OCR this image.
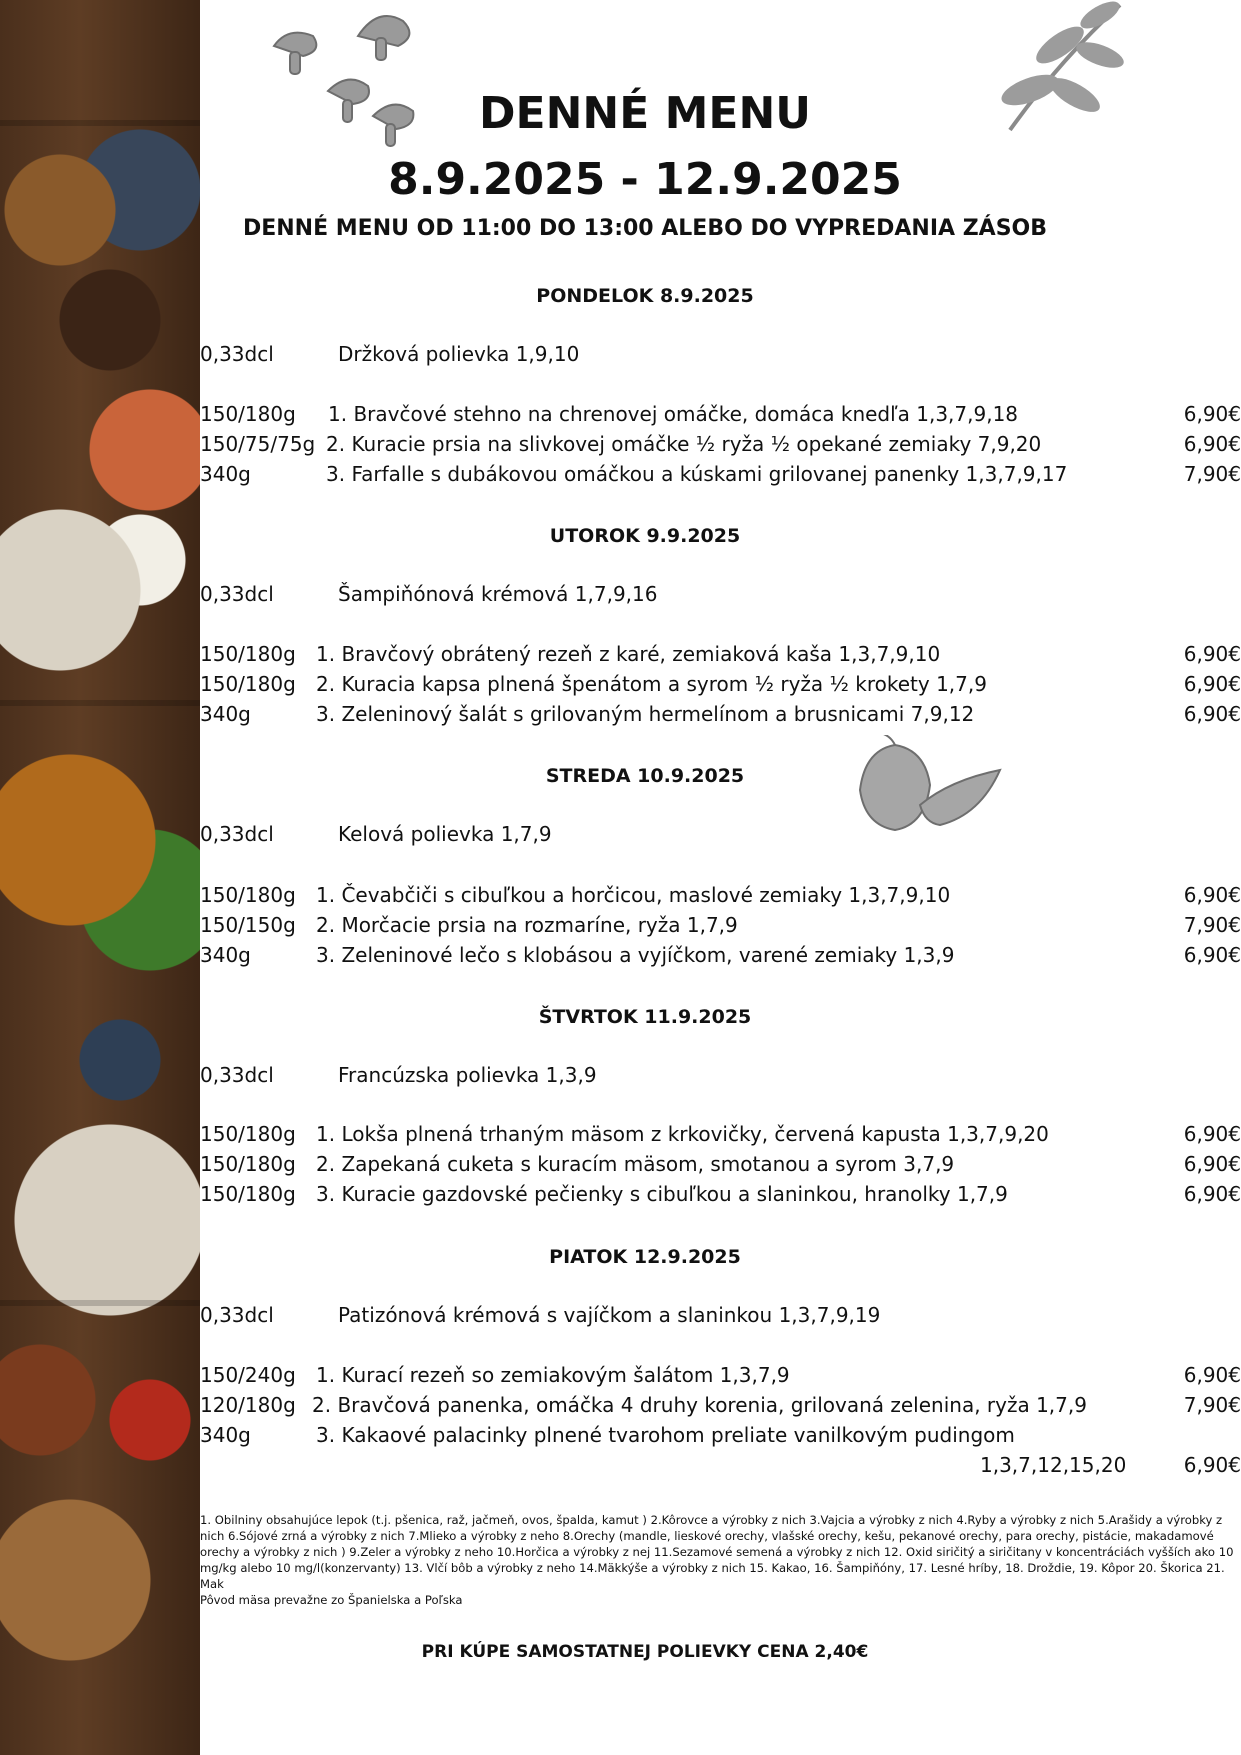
DENNÉ MENU
8.9.2025 - 12.9.2025
DENNÉ MENU OD 11:00 DO 13:00 ALEBO DO VYPREDANIA ZÁSOB
PONDELOK 8.9.2025
0,33dcl	Držková polievka 1,9,10
150/180g 1. Bravčové stehno na chrenovej omáčke, domáca knedľa 1,3,7,9,18	6,90€
150/75/75g 2. Kuracie prsia na slivkovej omáčke ½ ryža ½ opekané zemiaky 7,9,20	6,90€
340g	3. Farfalle s dubákovou omáčkou a kúskami grilovanej panenky 1,3,7,9,17	7,90€
UTOROK 9.9.2025
0,33dcl	Šampiňónová krémová 1,7,9,16
150/180g 1. Bravčový obrátený rezeň z karé, zemiaková kaša 1,3,7,9,10	6,90€
150/180g 2. Kuracia kapsa plnená špenátom a syrom ½ ryža ½ krokety 1,7,9	6,90€
340g	3. Zeleninový šalát s grilovaným hermelínom a brusnicami 7,9,12	6,90€
STREDA 10.9.2025
0,33dcl	Kelová polievka 1,7,9
150/180g 1. Čevabčiči s cibuľkou a horčicou, maslové zemiaky 1,3,7,9,10	6,90€
150/150g 2. Morčacie prsia na rozmaríne, ryža 1,7,9	7,90€
340g	3. Zeleninové lečo s klobásou a vyjíčkom, varené zemiaky 1,3,9	6,90€
ŠTVRTOK 11.9.2025
0,33dcl	Francúzska polievka 1,3,9
150/180g 1. Lokša plnená trhaným mäsom z krkovičky, červená kapusta 1,3,7,9,20	6,90€
150/180g 2. Zapekaná cuketa s kuracím mäsom, smotanou a syrom 3,7,9	6,90€
150/180g 3. Kuracie gazdovské pečienky s cibuľkou a slaninkou, hranolky 1,7,9	6,90€
PIATOK 12.9.2025
0,33dcl	Patizónová krémová s vajíčkom a slaninkou 1,3,7,9,19
150/240g 1. Kurací rezeň so zemiakovým šalátom 1,3,7,9	6,90€
120/180g 2. Bravčová panenka, omáčka 4 druhy korenia, grilovaná zelenina, ryža 1,7,9	7,90€
340g	3. Kakaové palacinky plnené tvarohom preliate vanilkovým pudingom
1,3,7,12,15,20	6,90€
1. Obilniny obsahujúce lepok (t.j. pšenica, raž, jačmeň, ovos, špalda, kamut ) 2.Kôrovce a výrobky z nich 3.Vajcia a výrobky z nich 4.Ryby a výrobky z nich 5.Arašidy a výrobky z nich 6.Sójové zrná a výrobky z nich 7.Mlieko a výrobky z neho 8.Orechy (mandle, lieskové orechy, vlašské orechy, kešu, pekanové orechy, para orechy, pistácie, makadamové orechy a výrobky z nich ) 9.Zeler a výrobky z neho 10.Horčica a výrobky z nej 11.Sezamové semená a výrobky z nich 12. Oxid siričitý a siričitany v koncentráciách vyšších ako 10 mg/kg alebo 10 mg/l(konzervanty) 13. Vlčí bôb a výrobky z neho 14.Mäkkýše a výrobky z nich 15. Kakao, 16. Šampiňóny, 17. Lesné hríby, 18. Droždie, 19. Kôpor 20. Škorica 21. Mak
Pôvod mäsa prevažne zo Španielska a Poľska
PRI KÚPE SAMOSTATNEJ POLIEVKY CENA 2,40€
